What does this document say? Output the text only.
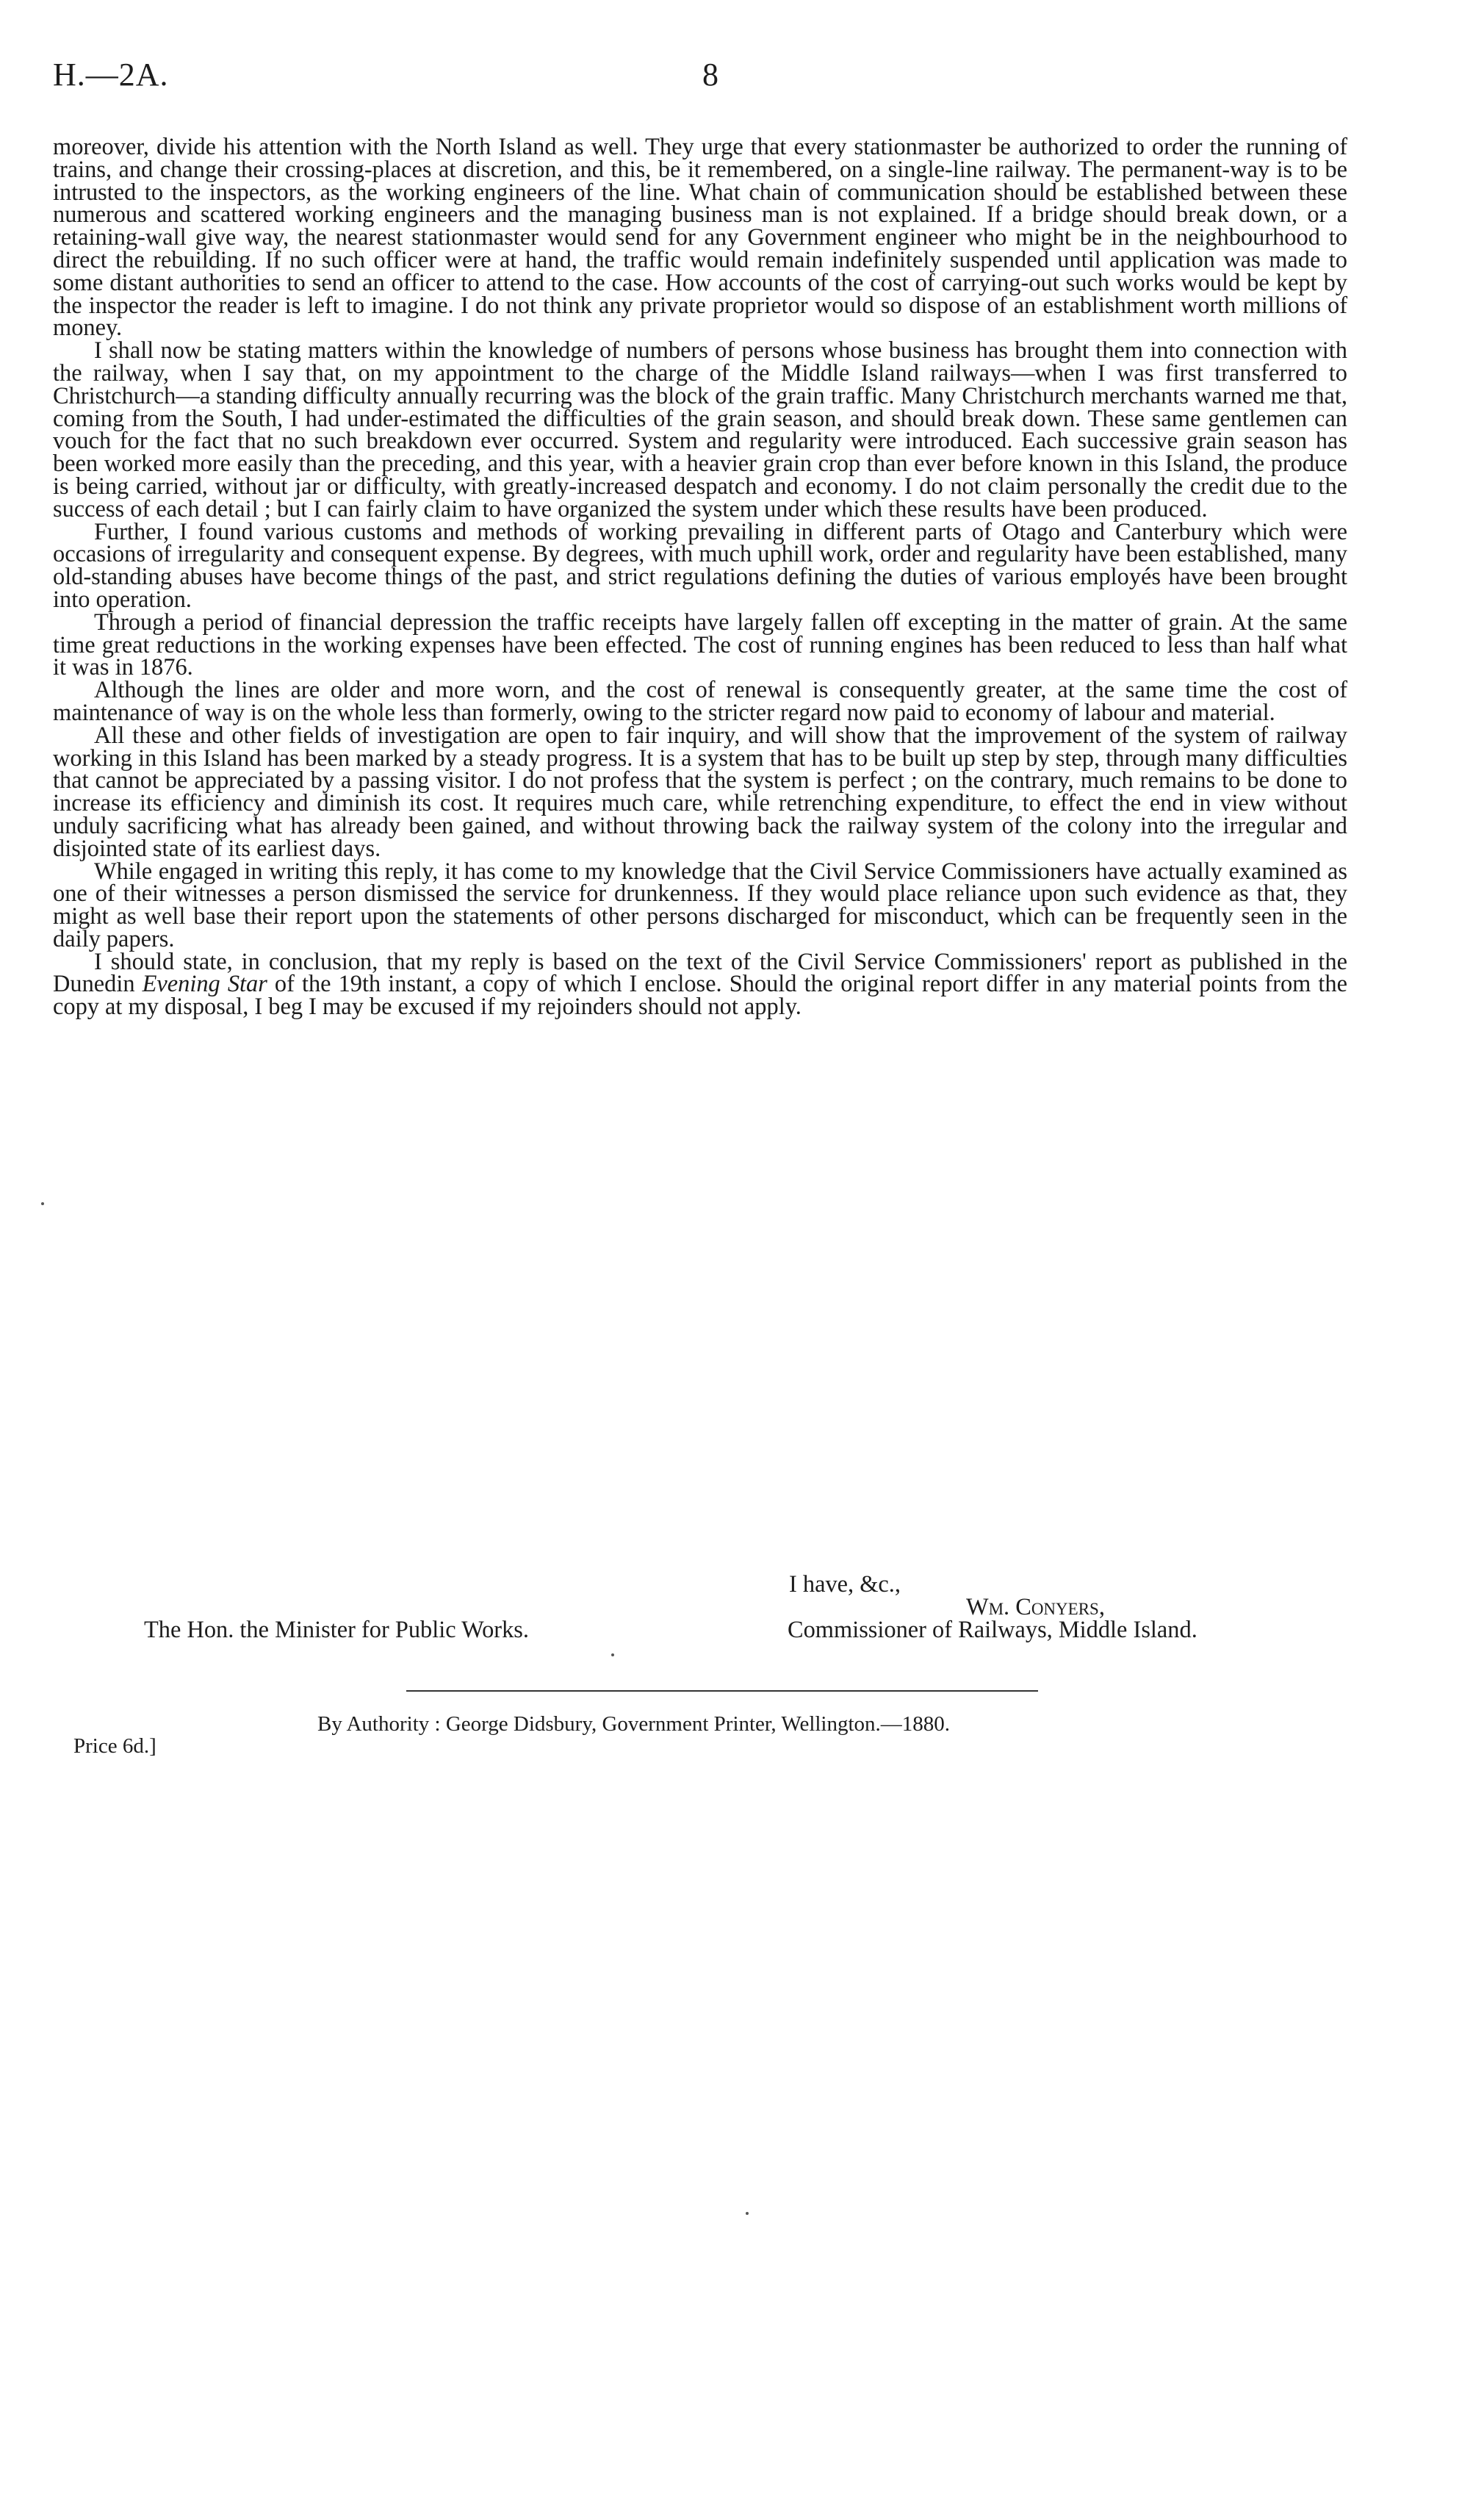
H.—2A.	8

moreover, divide his attention with the North Island as well. They urge that every stationmaster be authorized to order the running of trains, and change their crossing-places at discretion, and this, be it remembered, on a single-line railway. The permanent-way is to be intrusted to the inspectors, as the working engineers of the line. What chain of communication should be established between these numerous and scattered working engineers and the managing business man is not explained. If a bridge should break down, or a retaining-wall give way, the nearest stationmaster would send for any Government engineer who might be in the neighbourhood to direct the rebuilding. If no such officer were at hand, the traffic would remain indefinitely suspended until application was made to some distant authorities to send an officer to attend to the case. How accounts of the cost of carrying-out such works would be kept by the inspector the reader is left to imagine. I do not think any private proprietor would so dispose of an establishment worth millions of money.

I shall now be stating matters within the knowledge of numbers of persons whose business has brought them into connection with the railway, when I say that, on my appointment to the charge of the Middle Island railways—when I was first transferred to Christchurch—a standing difficulty annually recurring was the block of the grain traffic. Many Christchurch merchants warned me that, coming from the South, I had under-estimated the difficulties of the grain season, and should break down. These same gentlemen can vouch for the fact that no such breakdown ever occurred. System and regularity were introduced. Each successive grain season has been worked more easily than the preceding, and this year, with a heavier grain crop than ever before known in this Island, the produce is being carried, without jar or difficulty, with greatly-increased despatch and economy. I do not claim personally the credit due to the success of each detail ; but I can fairly claim to have organized the system under which these results have been produced.

Further, I found various customs and methods of working prevailing in different parts of Otago and Canterbury which were occasions of irregularity and consequent expense. By degrees, with much uphill work, order and regularity have been established, many old-standing abuses have become things of the past, and strict regulations defining the duties of various employés have been brought into operation.

Through a period of financial depression the traffic receipts have largely fallen off excepting in the matter of grain. At the same time great reductions in the working expenses have been effected. The cost of running engines has been reduced to less than half what it was in 1876.

Although the lines are older and more worn, and the cost of renewal is consequently greater, at the same time the cost of maintenance of way is on the whole less than formerly, owing to the stricter regard now paid to economy of labour and material.

All these and other fields of investigation are open to fair inquiry, and will show that the improvement of the system of railway working in this Island has been marked by a steady progress. It is a system that has to be built up step by step, through many difficulties that cannot be appreciated by a passing visitor. I do not profess that the system is perfect ; on the contrary, much remains to be done to increase its efficiency and diminish its cost. It requires much care, while retrenching expenditure, to effect the end in view without unduly sacrificing what has already been gained, and without throwing back the railway system of the colony into the irregular and disjointed state of its earliest days.

While engaged in writing this reply, it has come to my knowledge that the Civil Service Commissioners have actually examined as one of their witnesses a person dismissed the service for drunkenness. If they would place reliance upon such evidence as that, they might as well base their report upon the statements of other persons discharged for misconduct, which can be frequently seen in the daily papers.

I should state, in conclusion, that my reply is based on the text of the Civil Service Commissioners' report as published in the Dunedin Evening Star of the 19th instant, a copy of which I enclose. Should the original report differ in any material points from the copy at my disposal, I beg I may be excused if my rejoinders should not apply.

I have, &c.,
Wm. Conyers,
The Hon. the Minister for Public Works.	Commissioner of Railways, Middle Island.
By Authority : George Didsbury, Government Printer, Wellington.—1880.
Price 6d.]
